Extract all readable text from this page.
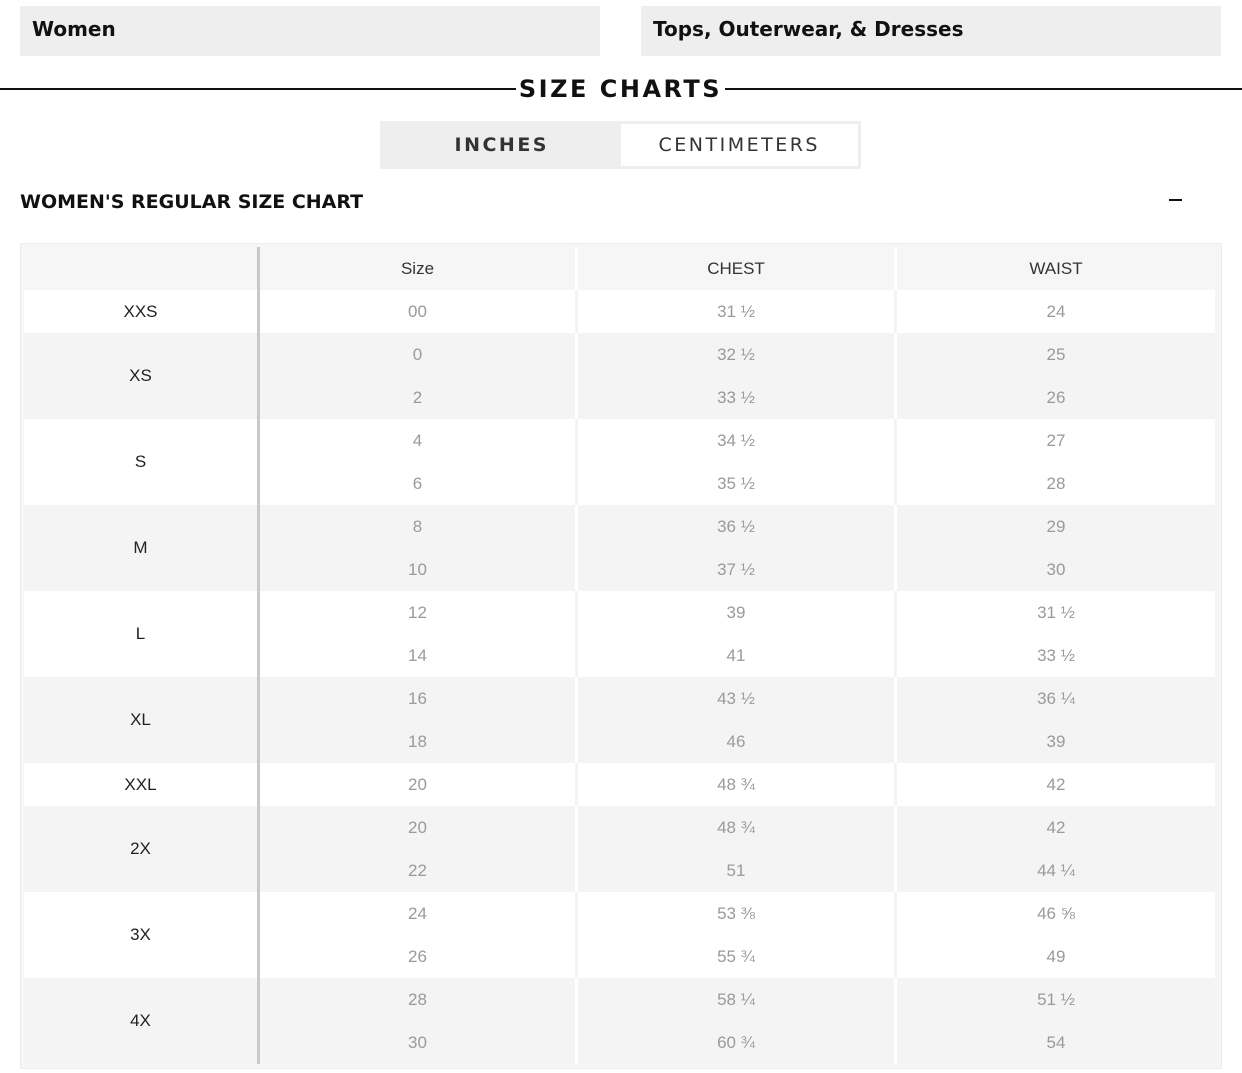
Women	Tops, Outerwear, & Dresses
SIZE CHARTS
INCHES	CENTIMETERS
WOMEN'S REGULAR SIZE CHART
	Size	CHEST	WAIST
XXS	00	31 ½	24
XS	0	32 ½	25
	2	33 ½	26
S	4	34 ½	27
	6	35 ½	28
M	8	36 ½	29
	10	37 ½	30
L	12	39	31 ½
	14	41	33 ½
XL	16	43 ½	36 ¼
	18	46	39
XXL	20	48 ¾	42
2X	20	48 ¾	42
	22	51	44 ¼
3X	24	53 ⅜	46 ⅝
	26	55 ¾	49
4X	28	58 ¼	51 ½
	30	60 ¾	54
